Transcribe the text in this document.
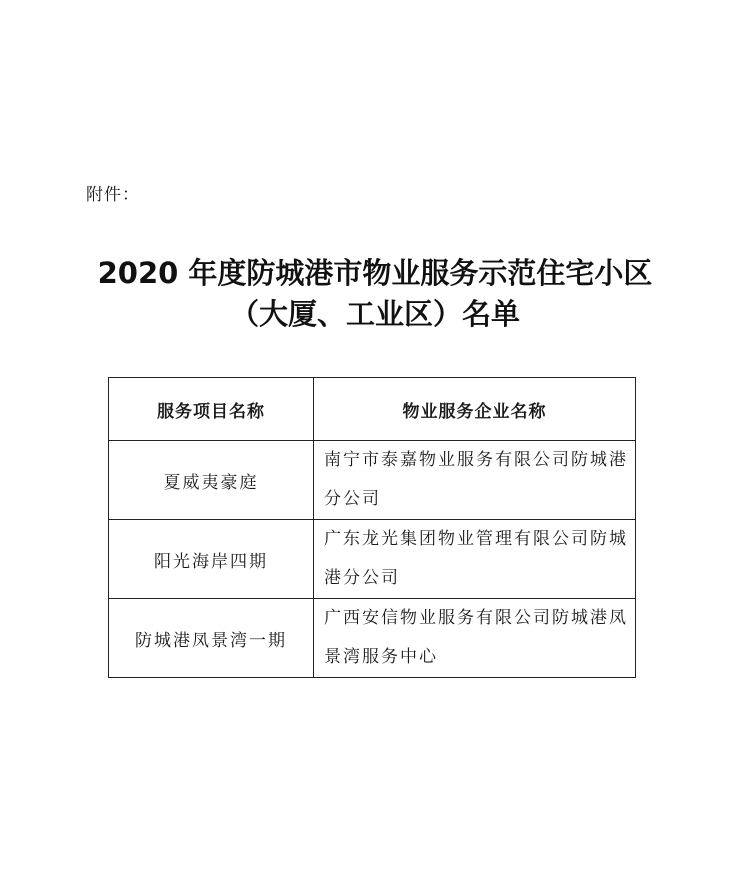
附件：
2020 年度防城港市物业服务示范住宅小区
（大厦、工业区）名单
服务项目名称	物业服务企业名称
夏威夷豪庭	南宁市泰嘉物业服务有限公司防城港分公司
阳光海岸四期	广东龙光集团物业管理有限公司防城港分公司
防城港凤景湾一期	广西安信物业服务有限公司防城港凤景湾服务中心
